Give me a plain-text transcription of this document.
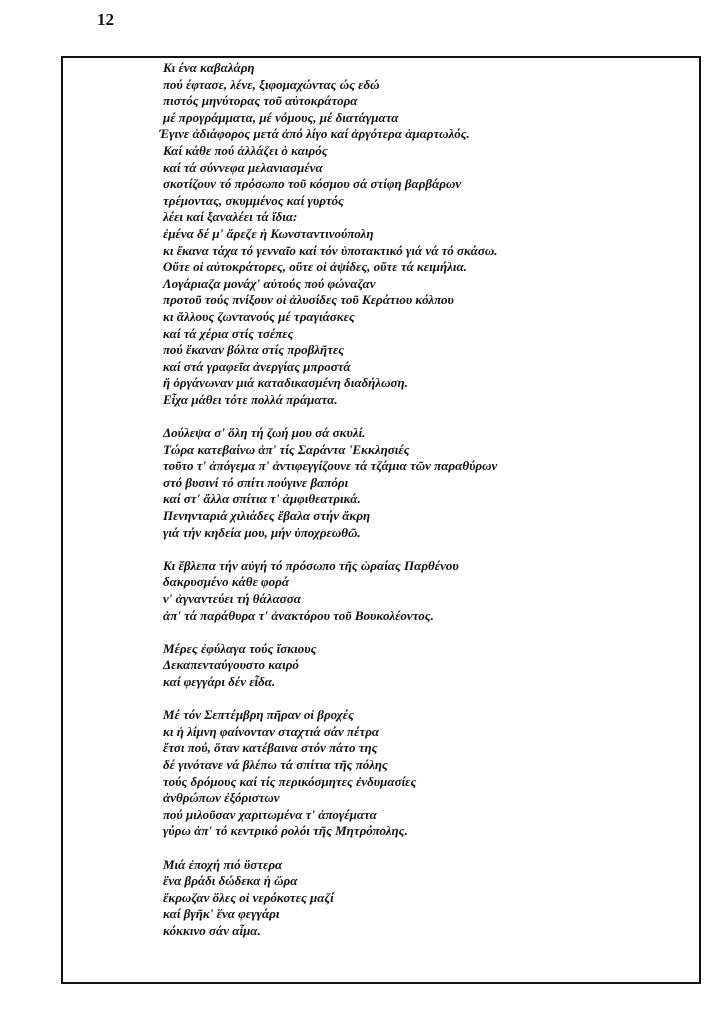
12
Κι ένα καβαλάρη
πού έφτασε, λένε, ξιφομαχώντας ώς εδώ
πιστός μηνύτορας τοῦ αὐτοκράτορα
μέ προγράμματα, μέ νόμους, μέ διατάγματα
Έγινε ἀδιάφορος μετά ἀπό λίγο καί ἀργότερα ἁμαρτωλός.
Καί κάθε πού ἀλλάζει ὁ καιρός
καί τά σύννεφα μελανιασμένα
σκοτίζουν τό πρόσωπο τοῦ κόσμου σά στίφη βαρβάρων
τρέμοντας, σκυμμένος καί γυρτός
λέει καί ξαναλέει τά ἴδια:
ἐμένα δέ μ' ἄρεζε ἡ Κωνσταντινούπολη
κι ἔκανα τάχα τό γενναῖο καί τόν ὑποτακτικό γιά νά τό σκάσω.
Οὔτε οἱ αὐτοκράτορες, οὔτε οἱ ἀψίδες, οὔτε τά κειμήλια.
Λογάριαζα μονάχ' αὐτούς πού φώναζαν
προτοῦ τούς πνίξουν οἱ ἀλυσίδες τοῦ Κεράτιου κόλπου
κι ἄλλους ζωντανούς μέ τραγιάσκες
καί τά χέρια στίς τσέπες
πού ἔκαναν βόλτα στίς προβλῆτες
καί στά γραφεῖα ἀνεργίας μπροστά
ἤ ὀργάνωναν μιά καταδικασμένη διαδήλωση.
Εἶχα μάθει τότε πολλά πράματα.
Δούλεψα σ' ὅλη τή ζωή μου σά σκυλί.
Τώρα κατεβαίνω ἀπ' τίς Σαράντα 'Εκκλησιές
τοῦτο τ' ἀπόγεμα π' ἀντιφεγγίζουνε τά τζάμια τῶν παραθύρων
στό βυσινί τό σπίτι πούγινε βαπόρι
καί στ' ἄλλα σπίτια τ' ἀμφιθεατρικά.
Πενηνταριά χιλιάδες ἔβαλα στήν ἄκρη
γιά τήν κηδεία μου, μήν ὑποχρεωθῶ.
Κι ἔβλεπα τήν αὐγή τό πρόσωπο τῆς ὡραίας Παρθένου
δακρυσμένο κάθε φορά
ν' ἀγναντεύει τή θάλασσα
ἀπ' τά παράθυρα τ' ἀνακτόρου τοῦ Βουκολέοντος.
Μέρες ἐφύλαγα τούς ἴσκιους
Δεκαπενταύγουστο καιρό
καί φεγγάρι δέν εἶδα.
Μέ τόν Σεπτέμβρη πῆραν οἱ βροχές
κι ἡ λίμνη φαίνονταν σταχτιά σάν πέτρα
ἔτσι πού, ὅταν κατέβαινα στόν πάτο της
δέ γινότανε νά βλέπω τά σπίτια τῆς πόλης
τούς δρόμους καί τίς περικόσμητες ἐνδυμασίες
ἀνθρώπων ἐξόριστων
πού μιλοῦσαν χαριτωμένα τ' ἀπογέματα
γύρω ἀπ' τό κεντρικό ρολόι τῆς Μητρόπολης.
Μιά ἐποχή πιό ὕστερα
ἕνα βράδι δώδεκα ἡ ὥρα
ἔκρωζαν ὅλες οἱ νερόκοτες μαζί
καί βγῆκ' ἕνα φεγγάρι
κόκκινο σάν αἷμα.
